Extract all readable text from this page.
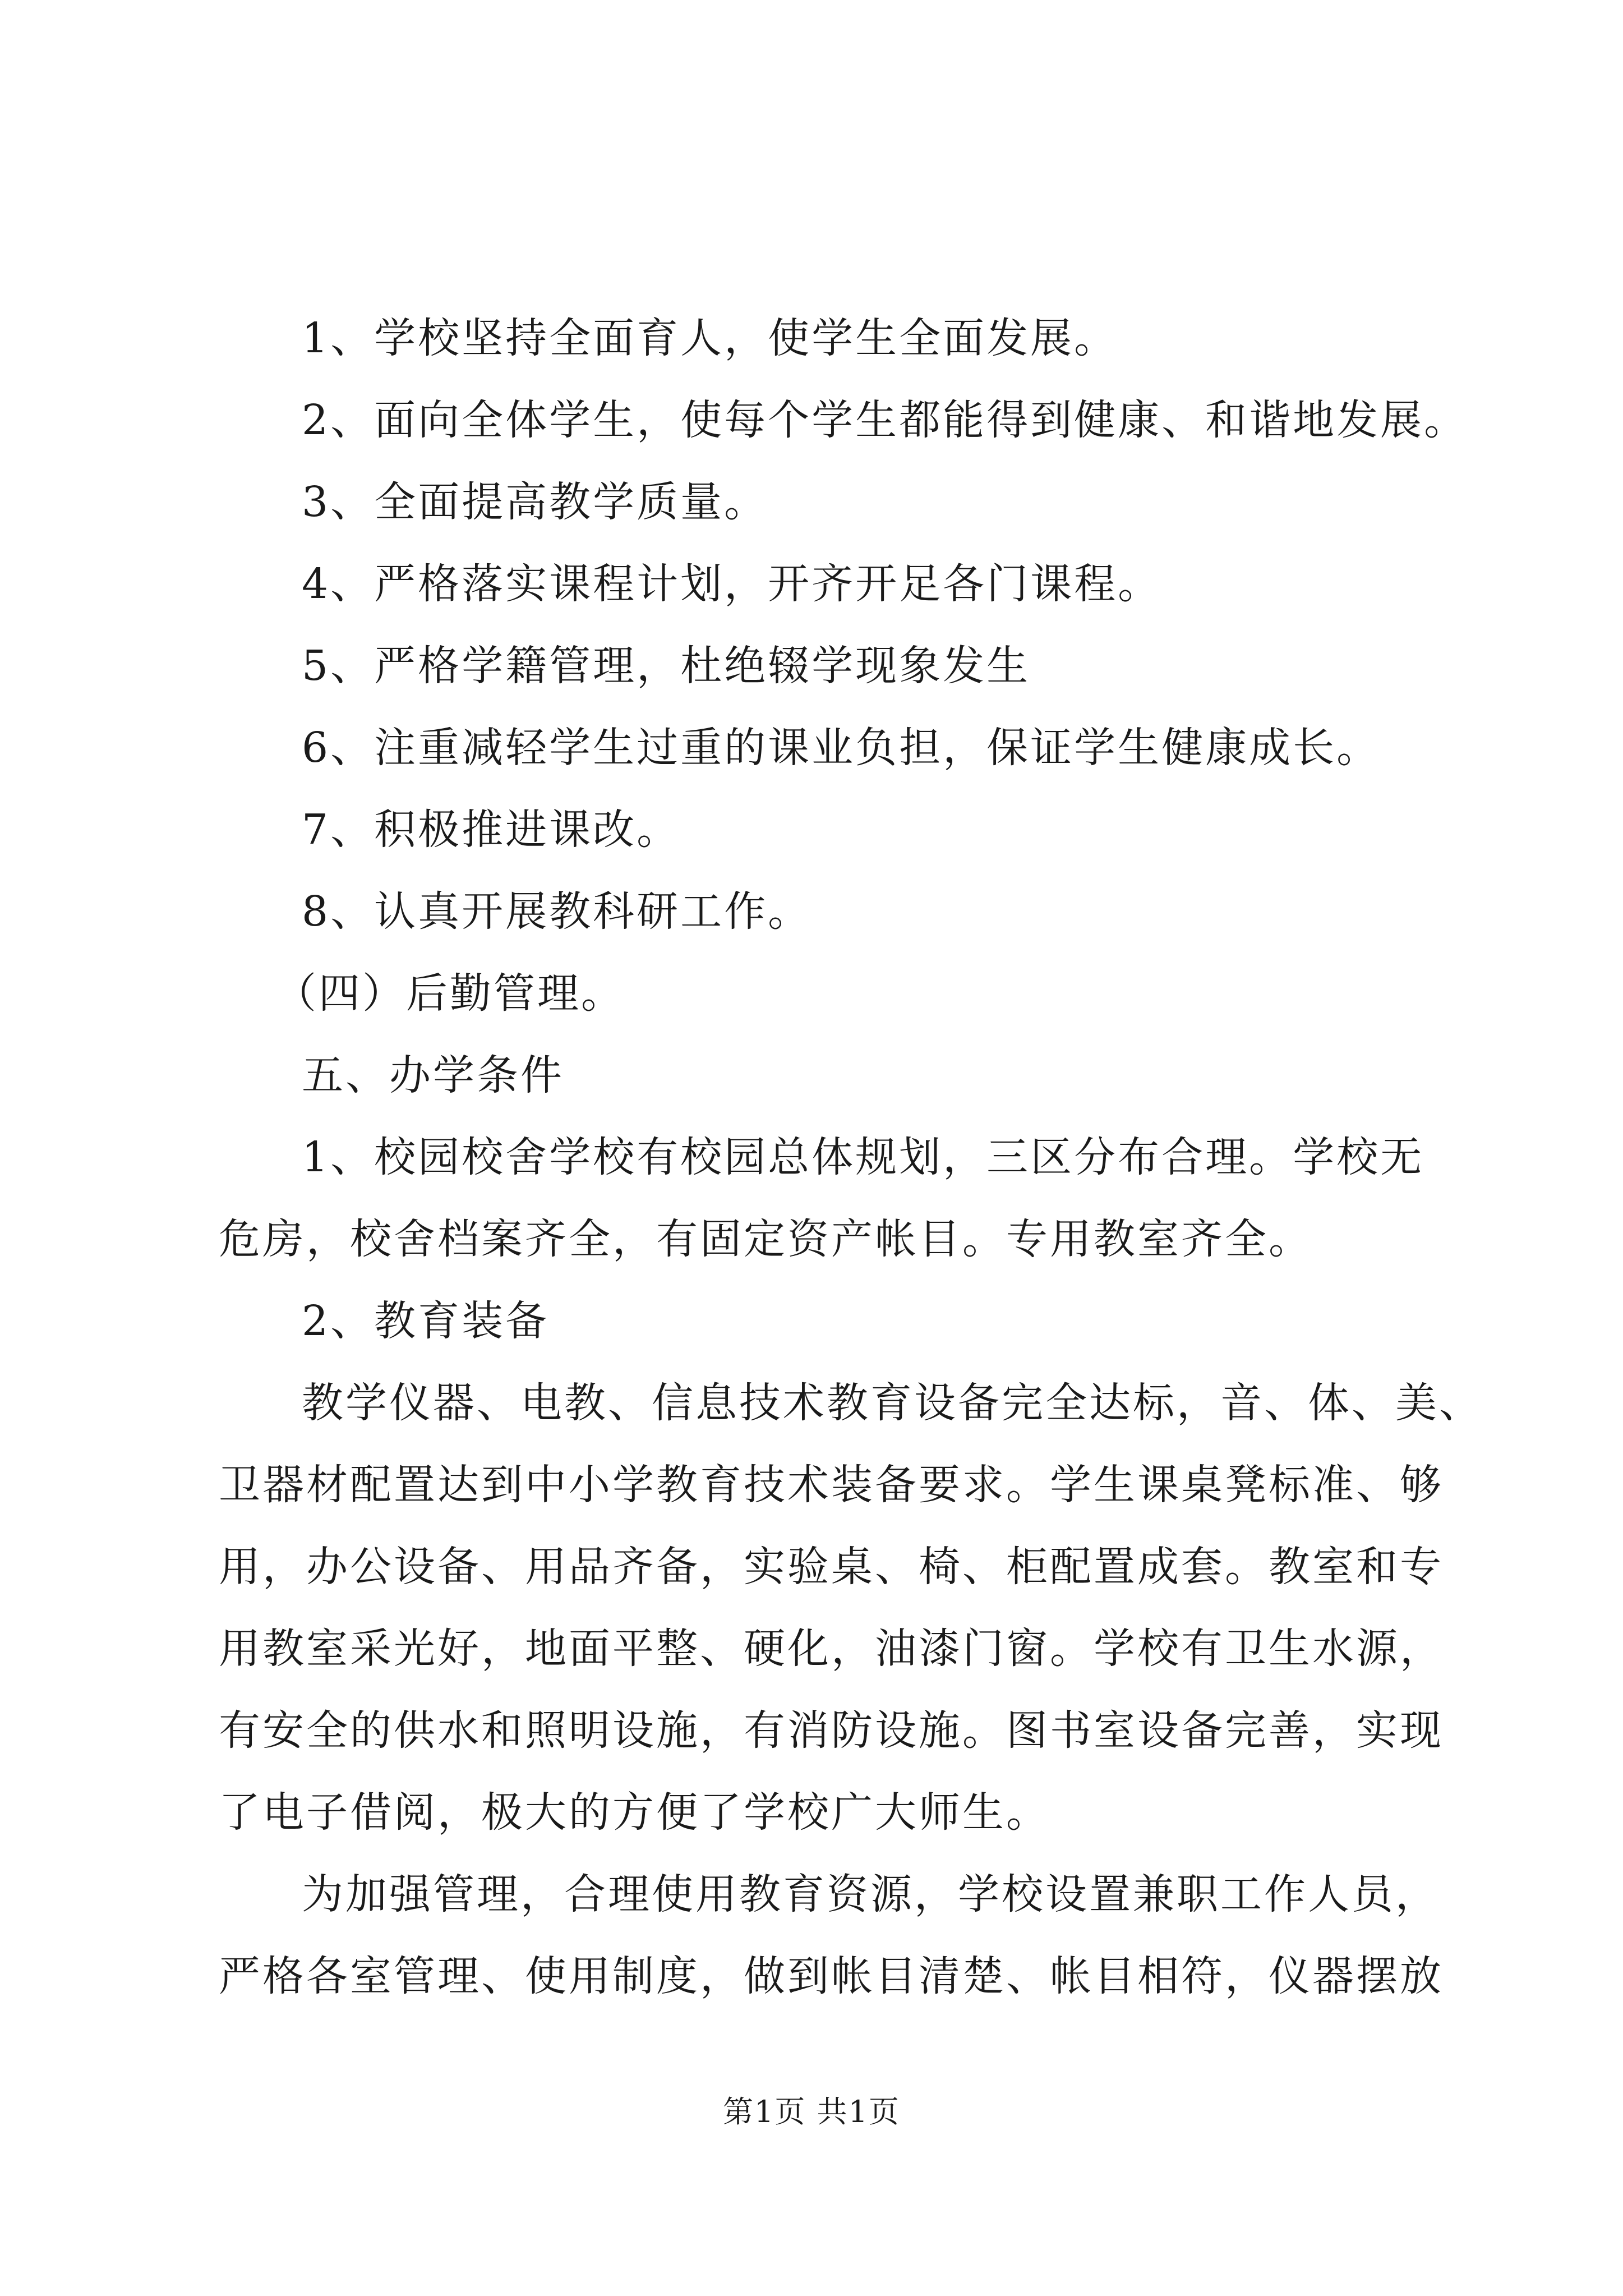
1、学校坚持全面育人，使学生全面发展。
2、面向全体学生，使每个学生都能得到健康、和谐地发展。
3、全面提高教学质量。
4、严格落实课程计划，开齐开足各门课程。
5、严格学籍管理，杜绝辍学现象发生
6、注重减轻学生过重的课业负担，保证学生健康成长。
7、积极推进课改。
8、认真开展教科研工作。
（四）后勤管理。
五、办学条件
1、校园校舍学校有校园总体规划，三区分布合理。学校无
危房，校舍档案齐全，有固定资产帐目。专用教室齐全。
2、教育装备
教学仪器、电教、信息技术教育设备完全达标，音、体、美、
卫器材配置达到中小学教育技术装备要求。学生课桌凳标准、够
用，办公设备、用品齐备，实验桌、椅、柜配置成套。教室和专
用教室采光好，地面平整、硬化，油漆门窗。学校有卫生水源，
有安全的供水和照明设施，有消防设施。图书室设备完善，实现
了电子借阅，极大的方便了学校广大师生。
为加强管理，合理使用教育资源，学校设置兼职工作人员，
严格各室管理、使用制度，做到帐目清楚、帐目相符，仪器摆放
第1页 共1页
